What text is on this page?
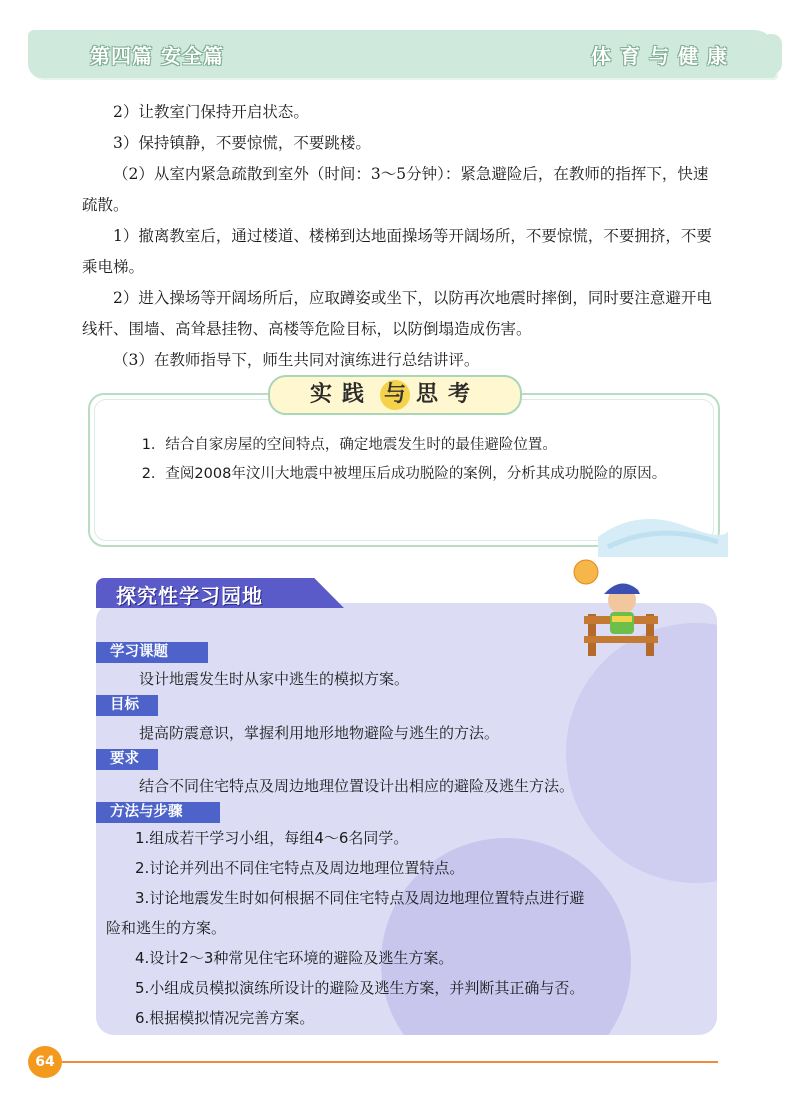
第四篇 安全篇	体育与健康

2）让教室门保持开启状态。

3）保持镇静，不要惊慌，不要跳楼。

（2）从室内紧急疏散到室外（时间：3～5分钟）：紧急避险后，在教师的指挥下，快速疏散。

1）撤离教室后，通过楼道、楼梯到达地面操场等开阔场所，不要惊慌，不要拥挤，不要乘电梯。

2）进入操场等开阔场所后，应取蹲姿或坐下，以防再次地震时摔倒，同时要注意避开电线杆、围墙、高耸悬挂物、高楼等危险目标，以防倒塌造成伤害。

（3）在教师指导下，师生共同对演练进行总结讲评。

实践 与 思考

1．结合自家房屋的空间特点，确定地震发生时的最佳避险位置。

2．查阅2008年汶川大地震中被埋压后成功脱险的案例，分析其成功脱险的原因。

探究性学习园地
学习课题
设计地震发生时从家中逃生的模拟方案。
目标
提高防震意识，掌握利用地形地物避险与逃生的方法。
要求
结合不同住宅特点及周边地理位置设计出相应的避险及逃生方法。
方法与步骤

1.组成若干学习小组，每组4～6名同学。

2.讨论并列出不同住宅特点及周边地理位置特点。

3.讨论地震发生时如何根据不同住宅特点及周边地理位置特点进行避

险和逃生的方案。

4.设计2～3种常见住宅环境的避险及逃生方案。

5.小组成员模拟演练所设计的避险及逃生方案，并判断其正确与否。

6.根据模拟情况完善方案。

64
